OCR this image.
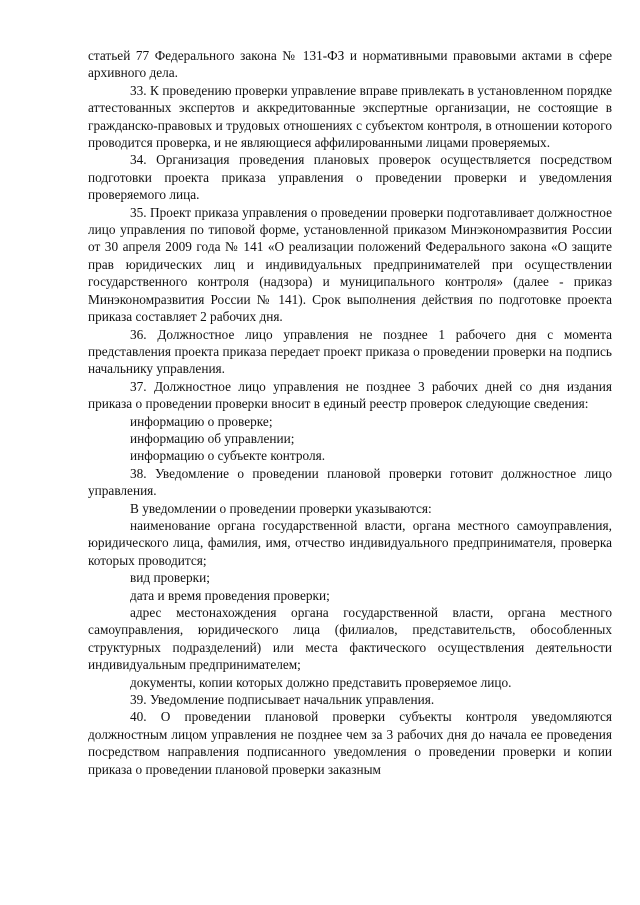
статьей 77 Федерального закона № 131-ФЗ и нормативными правовыми актами в сфере архивного дела.

33. К проведению проверки управление вправе привлекать в установленном порядке аттестованных экспертов и аккредитованные экспертные организации, не состоящие в гражданско-правовых и трудовых отношениях с субъектом контроля, в отношении которого проводится проверка, и не являющиеся аффилированными лицами проверяемых.

34. Организация проведения плановых проверок осуществляется посредством подготовки проекта приказа управления о проведении проверки и уведомления проверяемого лица.

35. Проект приказа управления о проведении проверки подготавливает должностное лицо управления по типовой форме, установленной приказом Минэкономразвития России от 30 апреля 2009 года № 141 «О реализации положений Федерального закона «О защите прав юридических лиц и индивидуальных предпринимателей при осуществлении государственного контроля (надзора) и муниципального контроля» (далее - приказ Минэкономразвития России № 141). Срок выполнения действия по подготовке проекта приказа составляет 2 рабочих дня.

36. Должностное лицо управления не позднее 1 рабочего дня с момента представления проекта приказа передает проект приказа о проведении проверки на подпись начальнику управления.

37. Должностное лицо управления не позднее 3 рабочих дней со дня издания приказа о проведении проверки вносит в единый реестр проверок следующие сведения:

информацию о проверке;

информацию об управлении;

информацию о субъекте контроля.

38. Уведомление о проведении плановой проверки готовит должностное лицо управления.

В уведомлении о проведении проверки указываются:

наименование органа государственной власти, органа местного самоуправления, юридического лица, фамилия, имя, отчество индивидуального предпринимателя, проверка которых проводится;

вид проверки;

дата и время проведения проверки;

адрес местонахождения органа государственной власти, органа местного самоуправления, юридического лица (филиалов, представительств, обособленных структурных подразделений) или места фактического осуществления деятельности индивидуальным предпринимателем;

документы, копии которых должно представить проверяемое лицо.

39. Уведомление подписывает начальник управления.

40. О проведении плановой проверки субъекты контроля уведомляются должностным лицом управления не позднее чем за 3 рабочих дня до начала ее проведения посредством направления подписанного уведомления о проведении проверки и копии приказа о проведении плановой проверки заказным
